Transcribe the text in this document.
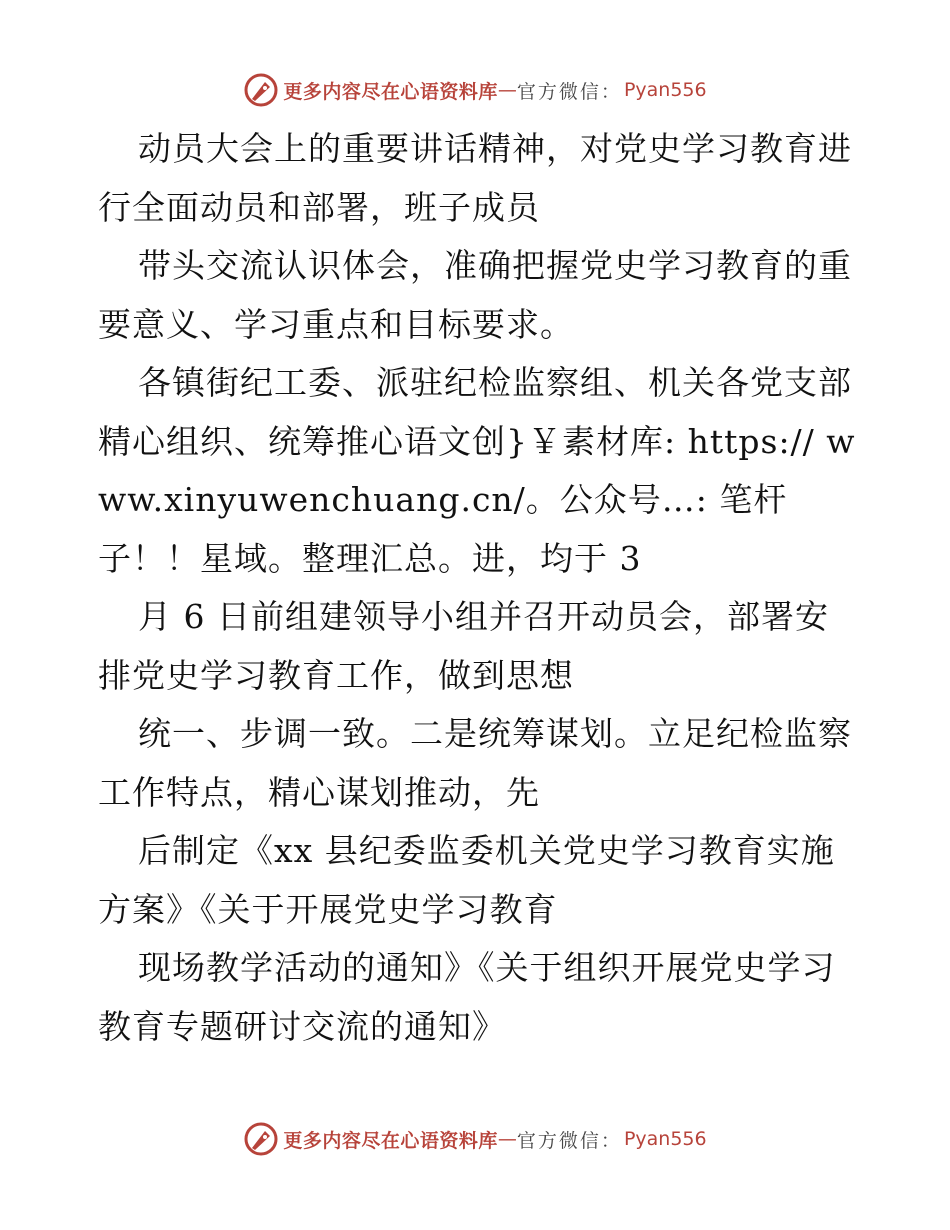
更多内容尽在心语资料库 — 官方微信： Pyan556

动员大会上的重要讲话精神，对党史学习教育进行全面动员和部署，班子成员

带头交流认识体会，准确把握党史学习教育的重要意义、学习重点和目标要求。

各镇街纪工委、派驻纪检监察组、机关各党支部精心组织、统筹推心语文创}￥素材库: https:// www.xinyuwenchuang.cn/。公众号…: 笔杆子！！星域。整理汇总。进，均于 3

月 6 日前组建领导小组并召开动员会，部署安排党史学习教育工作，做到思想

统一、步调一致。二是统筹谋划。立足纪检监察工作特点，精心谋划推动，先

后制定《xx 县纪委监委机关党史学习教育实施方案》《关于开展党史学习教育

现场教学活动的通知》《关于组织开展党史学习教育专题研讨交流的通知》

更多内容尽在心语资料库 — 官方微信： Pyan556
